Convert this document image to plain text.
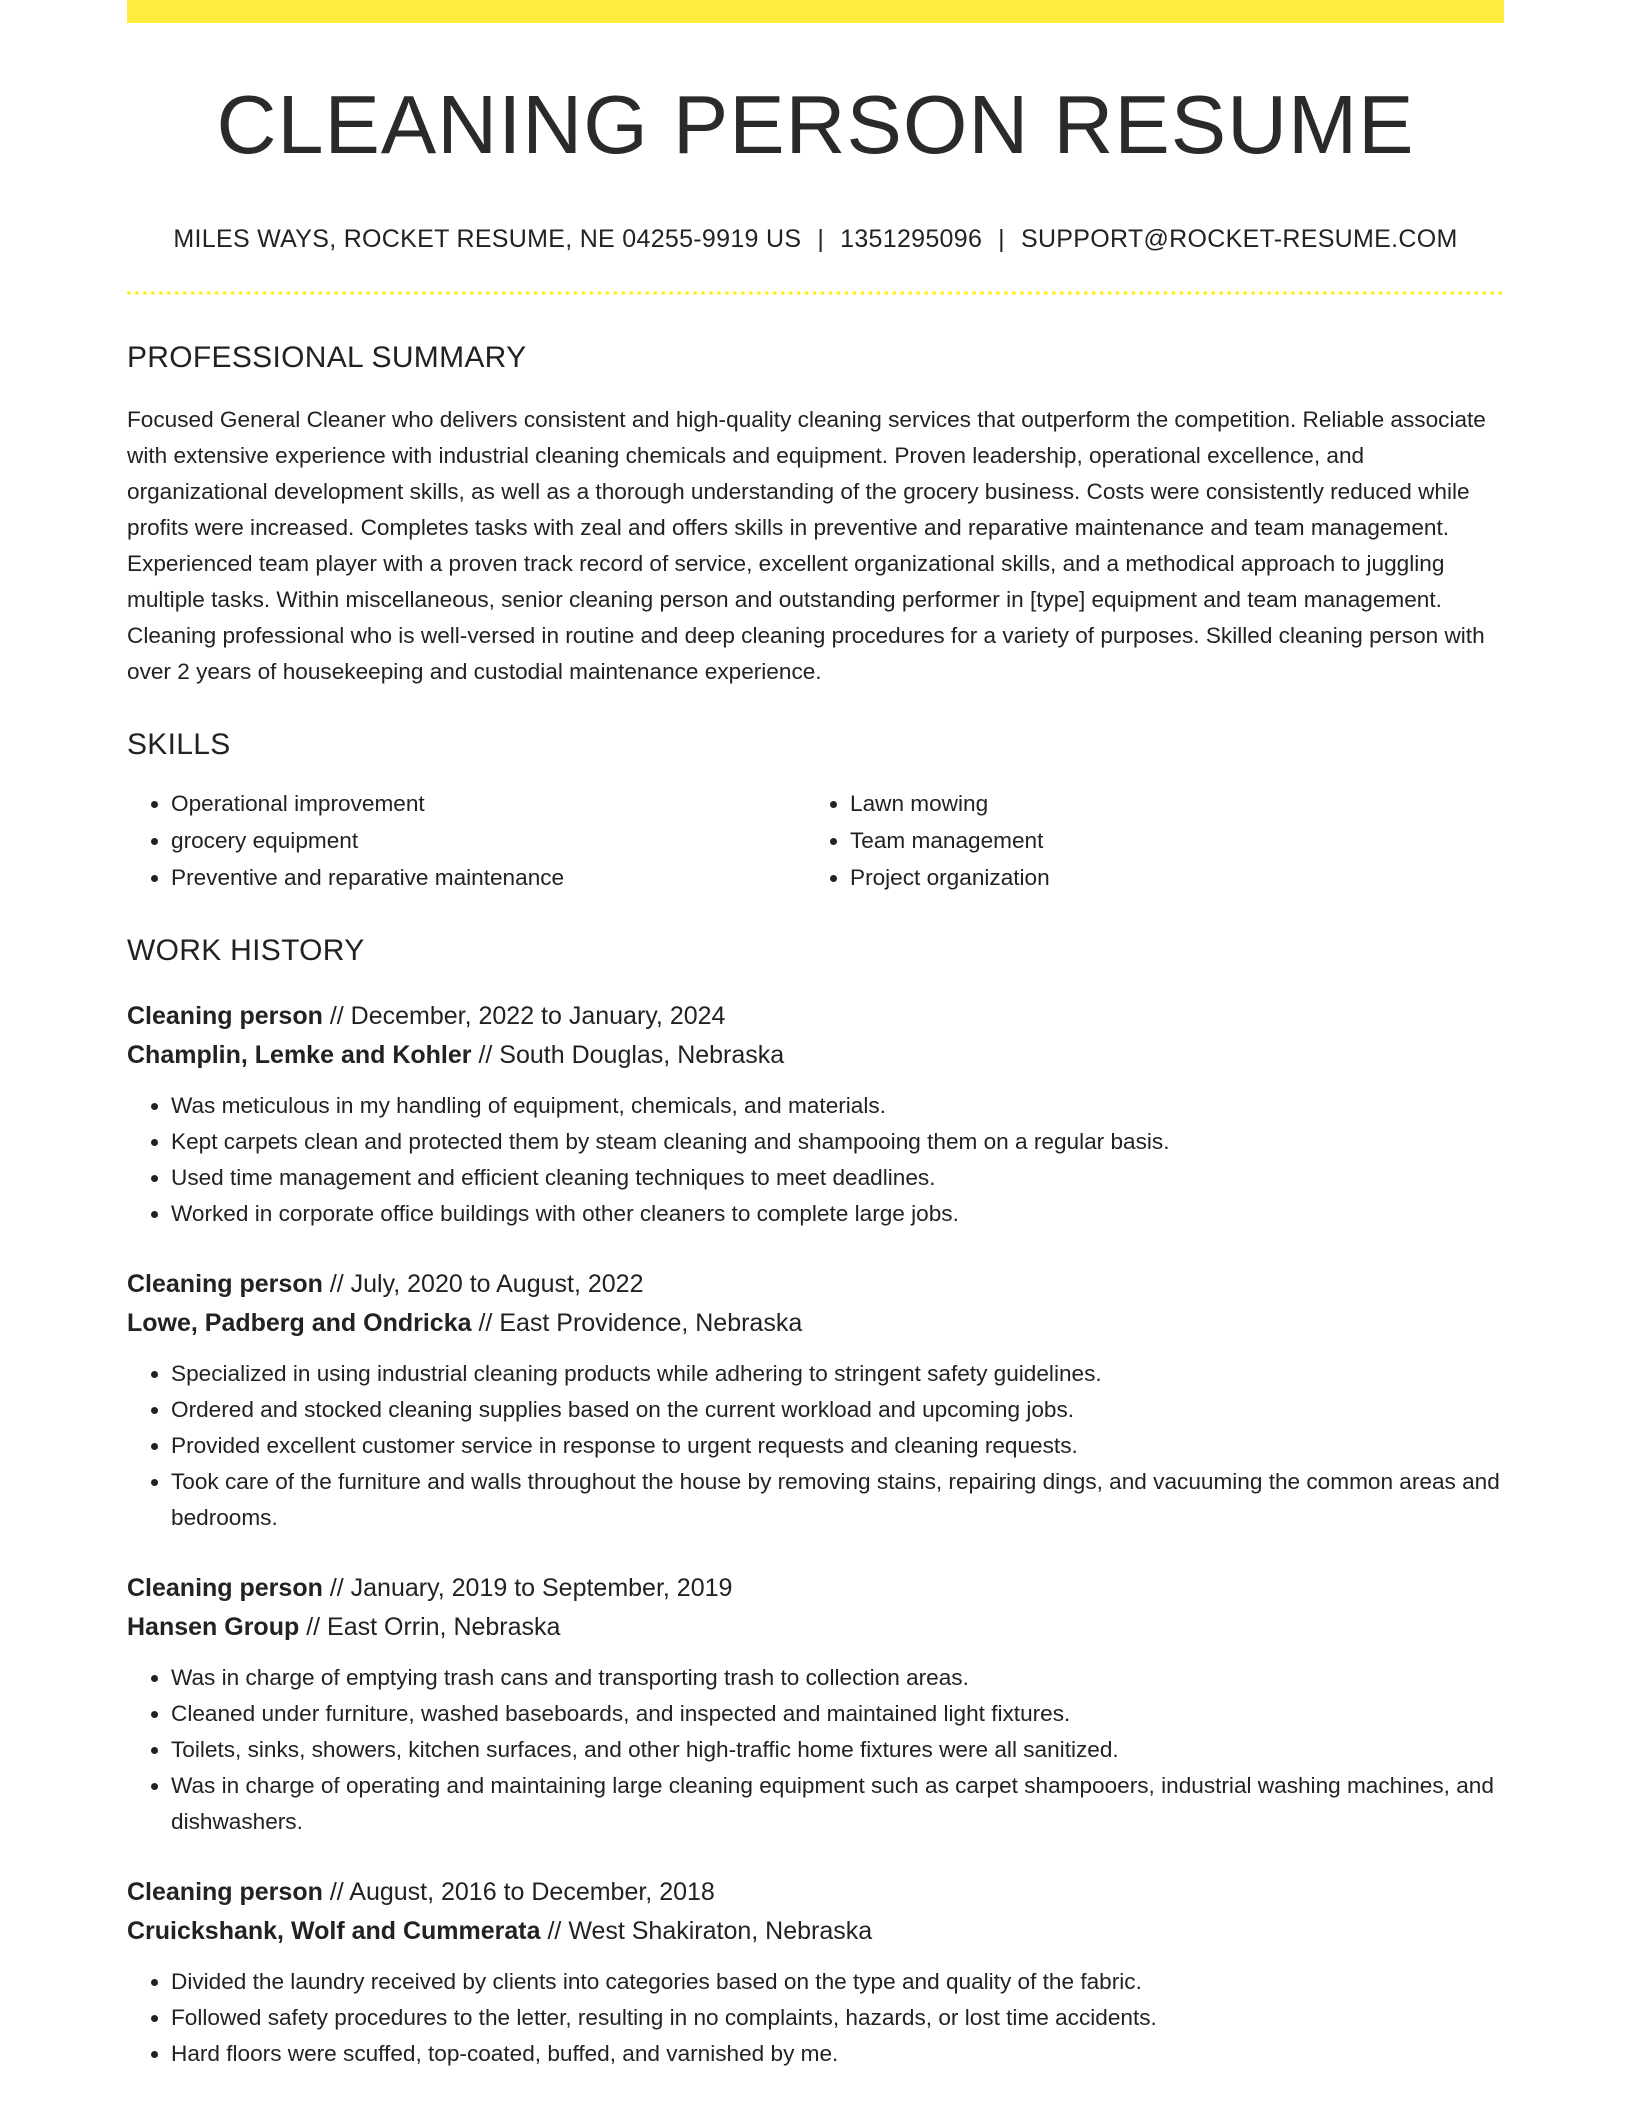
CLEANING PERSON RESUME
MILES WAYS, ROCKET RESUME, NE 04255-9919 US | 1351295096 | SUPPORT@ROCKET-RESUME.COM
PROFESSIONAL SUMMARY

Focused General Cleaner who delivers consistent and high-quality cleaning services that outperform the competition. Reliable associate with extensive experience with industrial cleaning chemicals and equipment. Proven leadership, operational excellence, and organizational development skills, as well as a thorough understanding of the grocery business. Costs were consistently reduced while profits were increased. Completes tasks with zeal and offers skills in preventive and reparative maintenance and team management. Experienced team player with a proven track record of service, excellent organizational skills, and a methodical approach to juggling multiple tasks. Within miscellaneous, senior cleaning person and outstanding performer in [type] equipment and team management. Cleaning professional who is well-versed in routine and deep cleaning procedures for a variety of purposes. Skilled cleaning person with over 2 years of housekeeping and custodial maintenance experience.

SKILLS
• Operational improvement
• grocery equipment
• Preventive and reparative maintenance
• Lawn mowing
• Team management
• Project organization
WORK HISTORY
Cleaning person // December, 2022 to January, 2024
Champlin, Lemke and Kohler // South Douglas, Nebraska
• Was meticulous in my handling of equipment, chemicals, and materials.
• Kept carpets clean and protected them by steam cleaning and shampooing them on a regular basis.
• Used time management and efficient cleaning techniques to meet deadlines.
• Worked in corporate office buildings with other cleaners to complete large jobs.
Cleaning person // July, 2020 to August, 2022
Lowe, Padberg and Ondricka // East Providence, Nebraska
• Specialized in using industrial cleaning products while adhering to stringent safety guidelines.
• Ordered and stocked cleaning supplies based on the current workload and upcoming jobs.
• Provided excellent customer service in response to urgent requests and cleaning requests.
• Took care of the furniture and walls throughout the house by removing stains, repairing dings, and vacuuming the common areas and bedrooms.
Cleaning person // January, 2019 to September, 2019
Hansen Group // East Orrin, Nebraska
• Was in charge of emptying trash cans and transporting trash to collection areas.
• Cleaned under furniture, washed baseboards, and inspected and maintained light fixtures.
• Toilets, sinks, showers, kitchen surfaces, and other high-traffic home fixtures were all sanitized.
• Was in charge of operating and maintaining large cleaning equipment such as carpet shampooers, industrial washing machines, and dishwashers.
Cleaning person // August, 2016 to December, 2018
Cruickshank, Wolf and Cummerata // West Shakiraton, Nebraska
• Divided the laundry received by clients into categories based on the type and quality of the fabric.
• Followed safety procedures to the letter, resulting in no complaints, hazards, or lost time accidents.
• Hard floors were scuffed, top-coated, buffed, and varnished by me.
